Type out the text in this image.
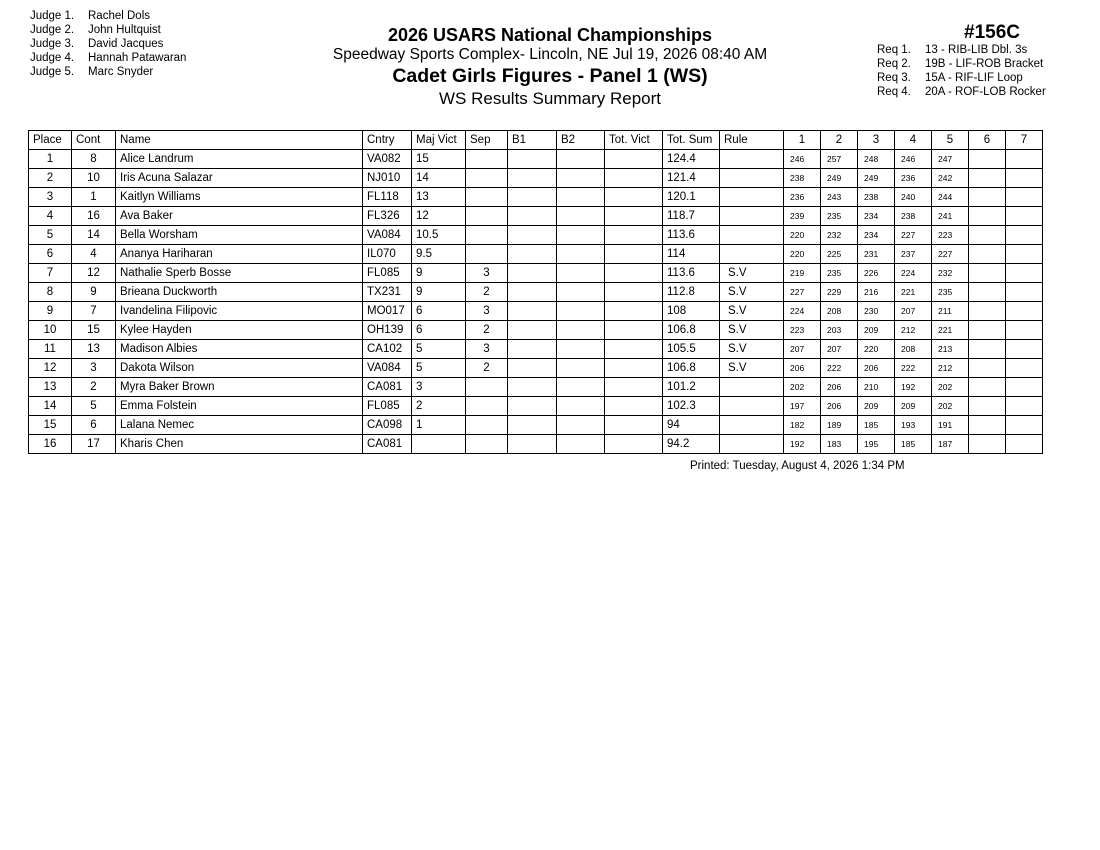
Judge 1. Rachel Dols
Judge 2. John Hultquist
Judge 3. David Jacques
Judge 4. Hannah Patawaran
Judge 5. Marc Snyder
2026 USARS National Championships
Speedway Sports Complex- Lincoln, NE Jul 19, 2026 08:40 AM
Cadet Girls Figures - Panel 1 (WS)
WS Results Summary Report
#156C
Req 1. 13 - RIB-LIB Dbl. 3s
Req 2. 19B - LIF-ROB Bracket
Req 3. 15A - RIF-LIF Loop
Req 4. 20A - ROF-LOB Rocker
Place	Cont	Name	Cntry	Maj Vict	Sep	B1	B2	Tot. Vict	Tot. Sum	Rule	1	2	3	4	5	6	7
1	8	Alice Landrum	VA082	15					124.4		246	257	248	246	247		
2	10	Iris Acuna Salazar	NJ010	14					121.4		238	249	249	236	242		
3	1	Kaitlyn Williams	FL118	13					120.1		236	243	238	240	244		
4	16	Ava Baker	FL326	12					118.7		239	235	234	238	241		
5	14	Bella Worsham	VA084	10.5					113.6		220	232	234	227	223		
6	4	Ananya Hariharan	IL070	9.5					114		220	225	231	237	227		
7	12	Nathalie Sperb Bosse	FL085	9	3				113.6	S.V	219	235	226	224	232		
8	9	Brieana Duckworth	TX231	9	2				112.8	S.V	227	229	216	221	235		
9	7	Ivandelina Filipovic	MO017	6	3				108	S.V	224	208	230	207	211		
10	15	Kylee Hayden	OH139	6	2				106.8	S.V	223	203	209	212	221		
11	13	Madison Albies	CA102	5	3				105.5	S.V	207	207	220	208	213		
12	3	Dakota Wilson	VA084	5	2				106.8	S.V	206	222	206	222	212		
13	2	Myra Baker Brown	CA081	3					101.2		202	206	210	192	202		
14	5	Emma Folstein	FL085	2					102.3		197	206	209	209	202		
15	6	Lalana Nemec	CA098	1					94		182	189	185	193	191		
16	17	Kharis Chen	CA081						94.2		192	183	195	185	187		
Printed: Tuesday, August 4, 2026 1:34 PM
